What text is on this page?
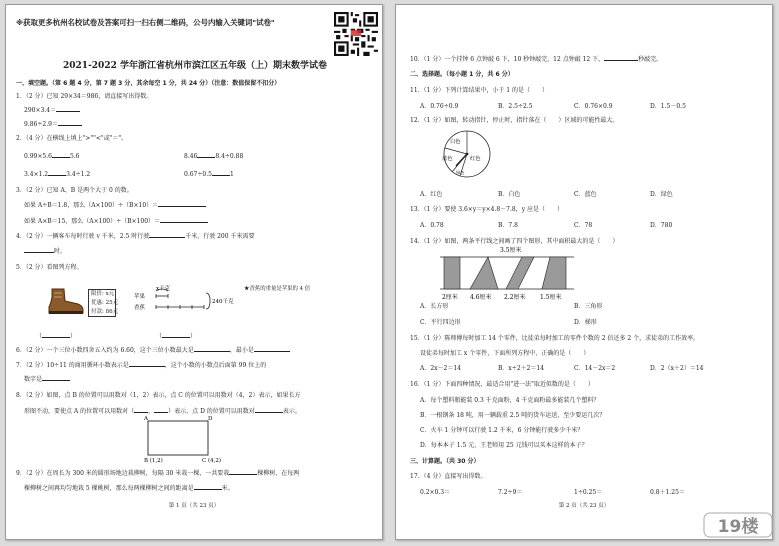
※获取更多杭州名校试卷及答案可扫一扫右侧二维码，公号内输入关键词"试卷"
2021-2022 学年浙江省杭州市滨江区五年级（上）期末数学试卷
一、填空题。（第 6 题 4 分，第 7 题 3 分，其余每空 1 分，共 24 分）（注意：数值保留不扣分）
1．（2 分）已知 29×34＝986，请直接写出得数。
290×3.4＝
9.86÷2.9＝
2．（4 分）在横线上填上">""<"或"＝"。
0.99×5.6	5.6	8.46	8.4÷0.88
3.4×1.2	3.4÷1.2	0.67÷0.5	1
3．（2 分）已知 A、B 是两个大于 0 的数。
如果 A÷B＝1.8，那么（A×100）÷（B×10）＝
如果 A×B＝15，那么（A×100）÷（B×100）＝
4．（2 分）一辆客车每时行驶 v 千米，2.5 时行驶	千米，行驶 200 千米需要
时。
5．（2 分）看图列方程。
限价: x元
优惠: 25元
付款: 86元
x千克
苹果
香蕉
240千克
★香蕉的重量是苹果的 4 倍
（	）	（	）
6．（2 分）一个三位小数四舍五入约为 6.60，这个三位小数最大是	，最小是
7．（2 分）10÷11 的商用循环小数表示是	，这个小数的小数点后面第 99 位上的
数字是
8．（2 分）如图，点 B 的位置可以用数对（1，2）表示，点 C 的位置可以用数对（4，2）表示，如果长方
形图不动，要使点 A 的位置可以用数对（ ， ）表示，点 D 的位置可以用数对	表示。
A	D
B (1,2)	C (4,2)
9．（2 分）在周长为 300 米的圆形场地边栽柳树，每隔 30 米栽一棵，一共要栽	棵柳树，在每两
棵柳树之间再均匀地栽 5 棵桃树，那么每两棵柳树之间的距离是	米。
第 1 页（共 23 页）
10．（1 分）一个挂钟 6 点钟敲 6 下，10 秒钟敲完，12 点钟敲 12 下，	秒敲完。
二、选择题。（每小题 1 分，共 6 分）
11．（1 分）下列计算结果中，小于 1 的是（　　）
A．0.76÷0.9	B．2.5÷2.5	C．0.76×0.9	D．1.5－0.5
12．（1 分）如图，转动指针，停止时，指针落在（　　）区域的可能性最大。
白色
绿色
蓝色	红色
A．红色	B．白色	C．蓝色	D．绿色
13．（1 分）要使 3.6×y＝y×4.8－7.8，y 应是（　　）
A．0.78	B．7.8	C．78	D．780
14．（1 分）如图，两条平行线之间画了四个图形，其中面积最大的是（　　）
3.5厘米
2厘米 4.6厘米 2.2厘米 1.5厘米
A．长方形	B．三角形
C．平行四边形	D．梯形
15．（1 分）陈师傅每时加工 14 个零件，比徒弟每时加工的零件个数的 2 倍还多 2 个，求徒弟的工作效率。
设徒弟每时加工 x 个零件，下面所列方程中，正确的是（　　）
A．2x－2＝14	B．x÷2＋2＝14	C．14－2x＝2	D．2（x＋2）＝14
16．（1 分）下面四种情况，最适合用"进一法"取近似数的是（　　）
A．每个塑料瓶能装 0.3 千克面粉，4 千克面粉最多能装几个塑料？
B．一根钢条 18 吨，用一辆载重 2.5 吨的货车运送，至少要运几次？
C．火车 1 分钟可以行驶 1.2 千米，6 分钟能行驶多少千米？
D．每本本子 1.5 元，王老师用 25 元钱可以买本这样的本子？
三、计算题。（共 30 分）
17．（4 分）直接写出得数。
0.2×0.3＝	7.2÷9＝	1÷0.25＝	0.8＋1.25＝
第 2 页（共 23 页）
19楼
